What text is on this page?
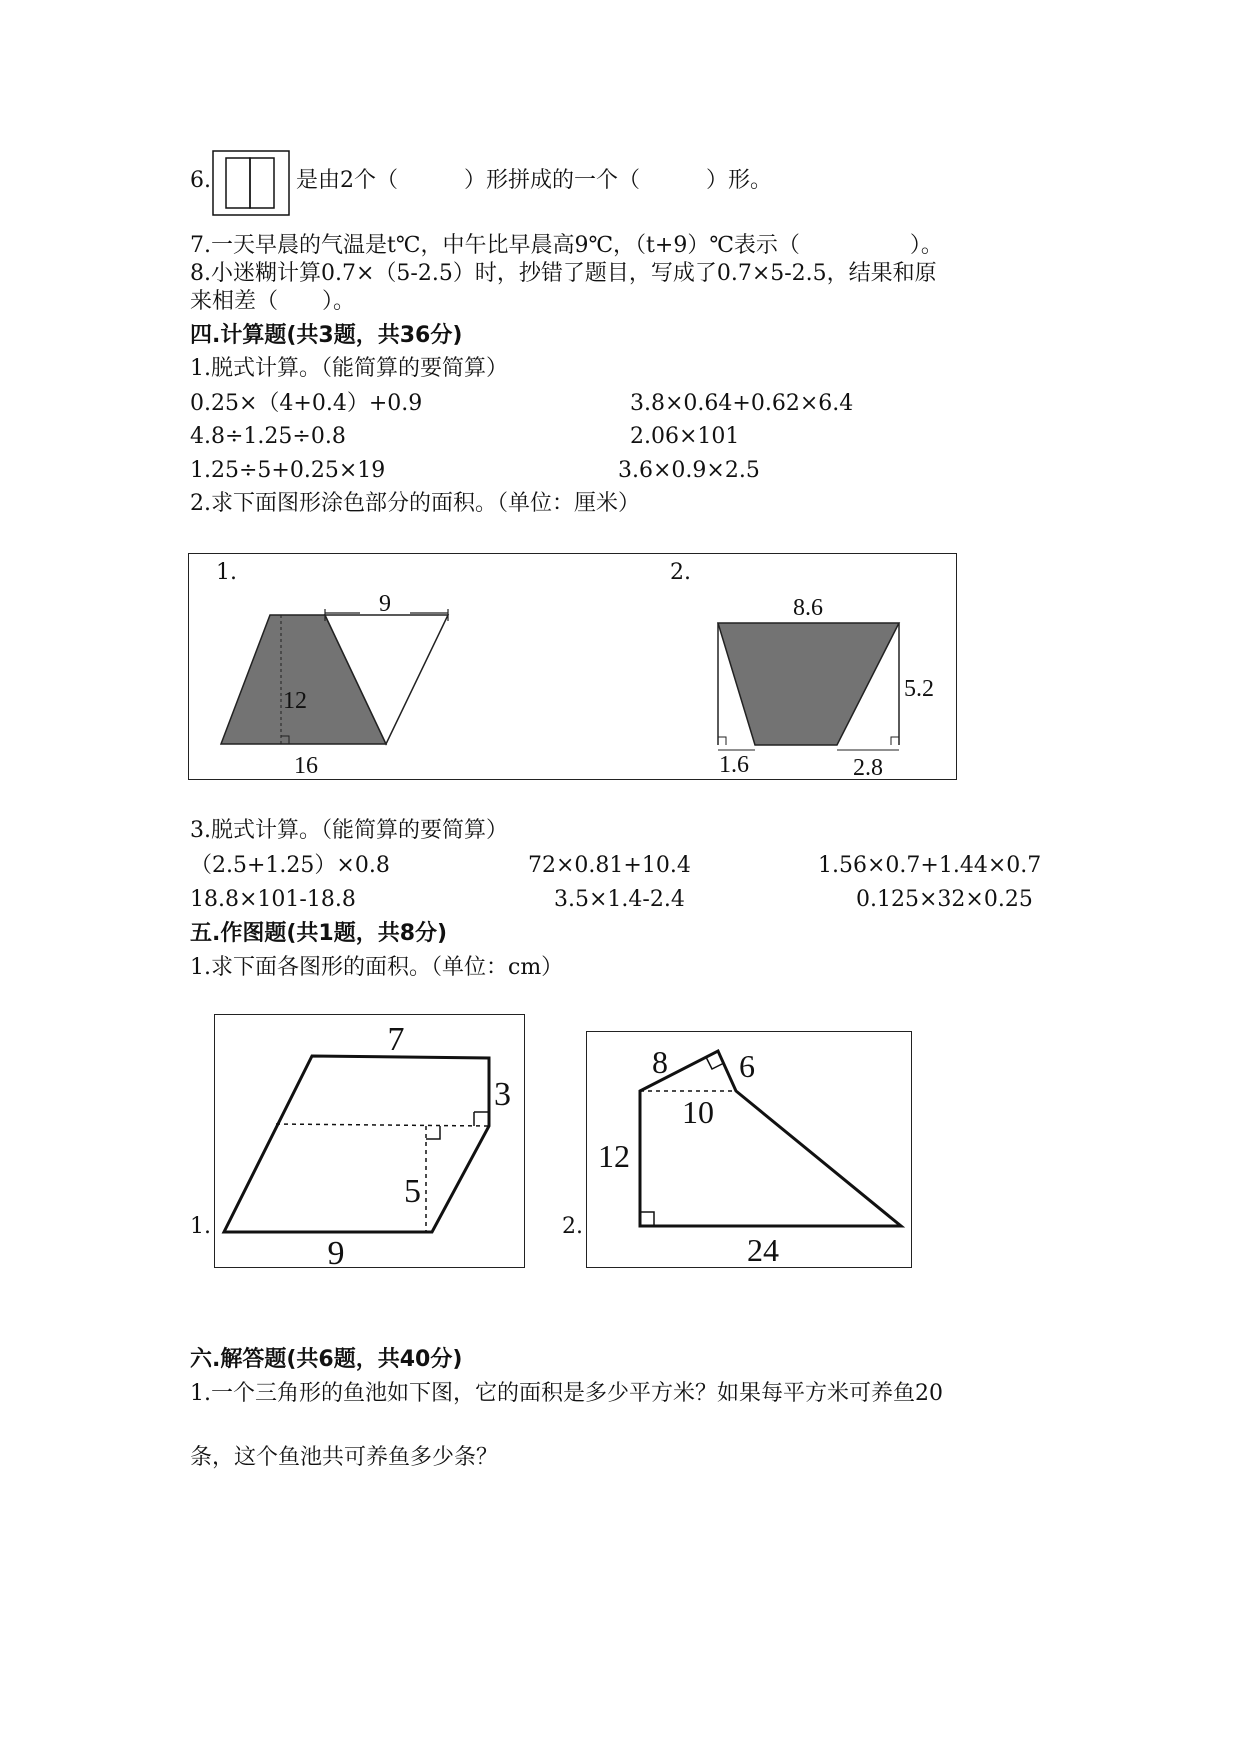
6.	是由2个（　　　）形拼成的一个（　　　）形。
7.一天早晨的气温是t℃，中午比早晨高9℃，（t+9）℃表示（　　　　　）。
8.小迷糊计算0.7×（5-2.5）时，抄错了题目，写成了0.7×5-2.5，结果和原
来相差（　　）。
四.计算题(共3题，共36分)
1.脱式计算。（能简算的要简算）
0.25×（4+0.4）+0.9	3.8×0.64+0.62×6.4
4.8÷1.25÷0.8	2.06×101
1.25÷5+0.25×19	3.6×0.9×2.5
2.求下面图形涂色部分的面积。（单位：厘米）
1.
9
12
16
2.
8.6
5.2
1.6	2.8
3.脱式计算。（能简算的要简算）
（2.5+1.25）×0.8	72×0.81+10.4	1.56×0.7+1.44×0.7
18.8×101-18.8	3.5×1.4-2.4	0.125×32×0.25
五.作图题(共1题，共8分)
1.求下面各图形的面积。（单位：cm）
7
3
5
9
1.
8 6
10
12
24
2.
六.解答题(共6题，共40分)
1.一个三角形的鱼池如下图，它的面积是多少平方米？如果每平方米可养鱼20
条，这个鱼池共可养鱼多少条？
